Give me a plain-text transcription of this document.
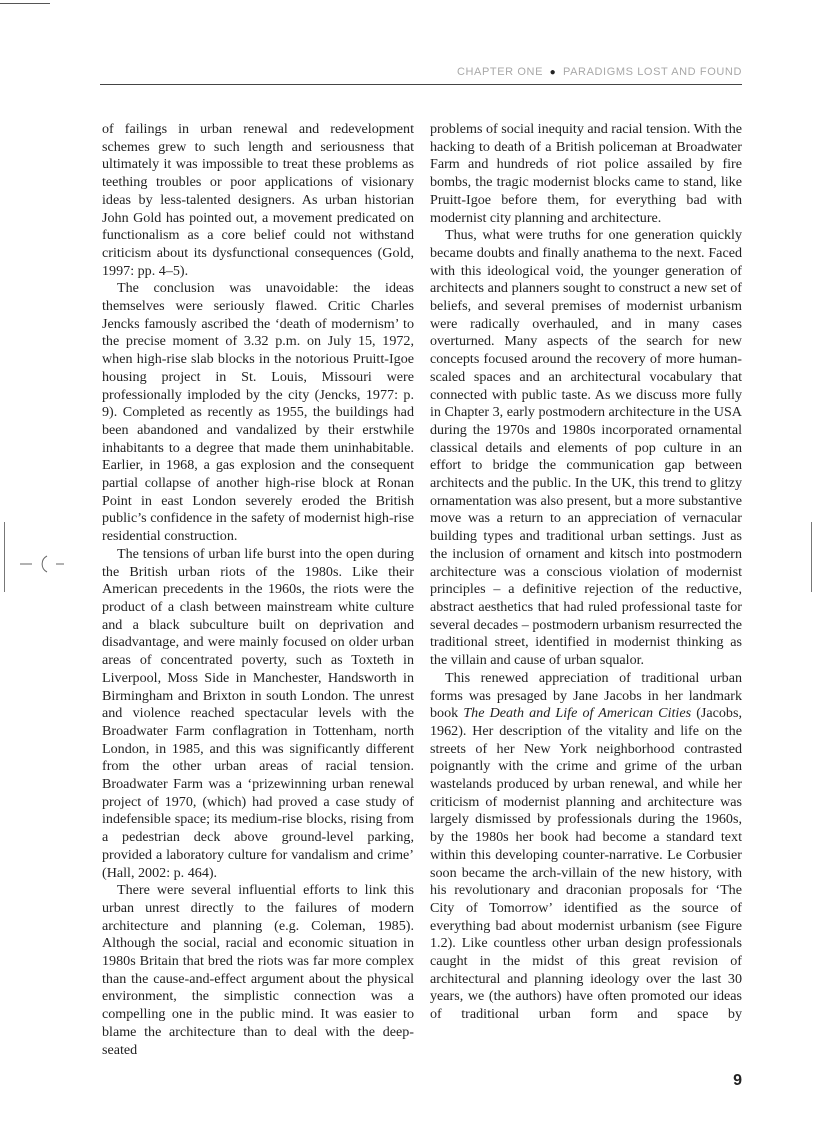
CHAPTER ONE ● PARADIGMS LOST AND FOUND

of failings in urban renewal and redevelopment schemes grew to such length and seriousness that ultimately it was impossible to treat these problems as teething troubles or poor applications of visionary ideas by less-talented designers. As urban historian John Gold has pointed out, a movement predicated on functionalism as a core belief could not withstand criticism about its dysfunctional consequences (Gold, 1997: pp. 4–5).

The conclusion was unavoidable: the ideas themselves were seriously flawed. Critic Charles Jencks famously ascribed the ‘death of modernism’ to the precise moment of 3.32 p.m. on July 15, 1972, when high-rise slab blocks in the notorious Pruitt-Igoe housing project in St. Louis, Missouri were professionally imploded by the city (Jencks, 1977: p. 9). Completed as recently as 1955, the buildings had been abandoned and vandalized by their erstwhile inhabitants to a degree that made them uninhabitable. Earlier, in 1968, a gas explosion and the consequent partial collapse of another high-rise block at Ronan Point in east London severely eroded the British public’s confidence in the safety of modernist high-rise residential construction.

The tensions of urban life burst into the open during the British urban riots of the 1980s. Like their American precedents in the 1960s, the riots were the product of a clash between mainstream white culture and a black subculture built on deprivation and disadvantage, and were mainly focused on older urban areas of concentrated poverty, such as Toxteth in Liverpool, Moss Side in Manchester, Handsworth in Birmingham and Brixton in south London. The unrest and violence reached spectacular levels with the Broadwater Farm conflagration in Tottenham, north London, in 1985, and this was significantly different from the other urban areas of racial tension. Broadwater Farm was a ‘prizewinning urban renewal project of 1970, (which) had proved a case study of indefensible space; its medium-rise blocks, rising from a pedestrian deck above ground-level parking, provided a laboratory culture for vandalism and crime’ (Hall, 2002: p. 464).

There were several influential efforts to link this urban unrest directly to the failures of modern architecture and planning (e.g. Coleman, 1985). Although the social, racial and economic situation in 1980s Britain that bred the riots was far more complex than the cause-and-effect argument about the physical environment, the simplistic connection was a compelling one in the public mind. It was easier to blame the architecture than to deal with the deep-seated

problems of social inequity and racial tension. With the hacking to death of a British policeman at Broadwater Farm and hundreds of riot police assailed by fire bombs, the tragic modernist blocks came to stand, like Pruitt-Igoe before them, for everything bad with modernist city planning and architecture.

Thus, what were truths for one generation quickly became doubts and finally anathema to the next. Faced with this ideological void, the younger generation of architects and planners sought to construct a new set of beliefs, and several premises of modernist urbanism were radically overhauled, and in many cases overturned. Many aspects of the search for new concepts focused around the recovery of more human-scaled spaces and an architectural vocabulary that connected with public taste. As we discuss more fully in Chapter 3, early postmodern architecture in the USA during the 1970s and 1980s incorporated ornamental classical details and elements of pop culture in an effort to bridge the communication gap between architects and the public. In the UK, this trend to glitzy ornamentation was also present, but a more substantive move was a return to an appreciation of vernacular building types and traditional urban settings. Just as the inclusion of ornament and kitsch into postmodern architecture was a conscious violation of modernist principles – a definitive rejection of the reductive, abstract aesthetics that had ruled professional taste for several decades – postmodern urbanism resurrected the traditional street, identified in modernist thinking as the villain and cause of urban squalor.

This renewed appreciation of traditional urban forms was presaged by Jane Jacobs in her landmark book The Death and Life of American Cities (Jacobs, 1962). Her description of the vitality and life on the streets of her New York neighborhood contrasted poignantly with the crime and grime of the urban wastelands produced by urban renewal, and while her criticism of modernist planning and architecture was largely dismissed by professionals during the 1960s, by the 1980s her book had become a standard text within this developing counter-narrative. Le Corbusier soon became the arch-villain of the new history, with his revolutionary and draconian proposals for ‘The City of Tomorrow’ identified as the source of everything bad about modernist urbanism (see Figure 1.2). Like countless other urban design professionals caught in the midst of this great revision of architectural and planning ideology over the last 30 years, we (the authors) have often promoted our ideas of traditional urban form and space by

9
